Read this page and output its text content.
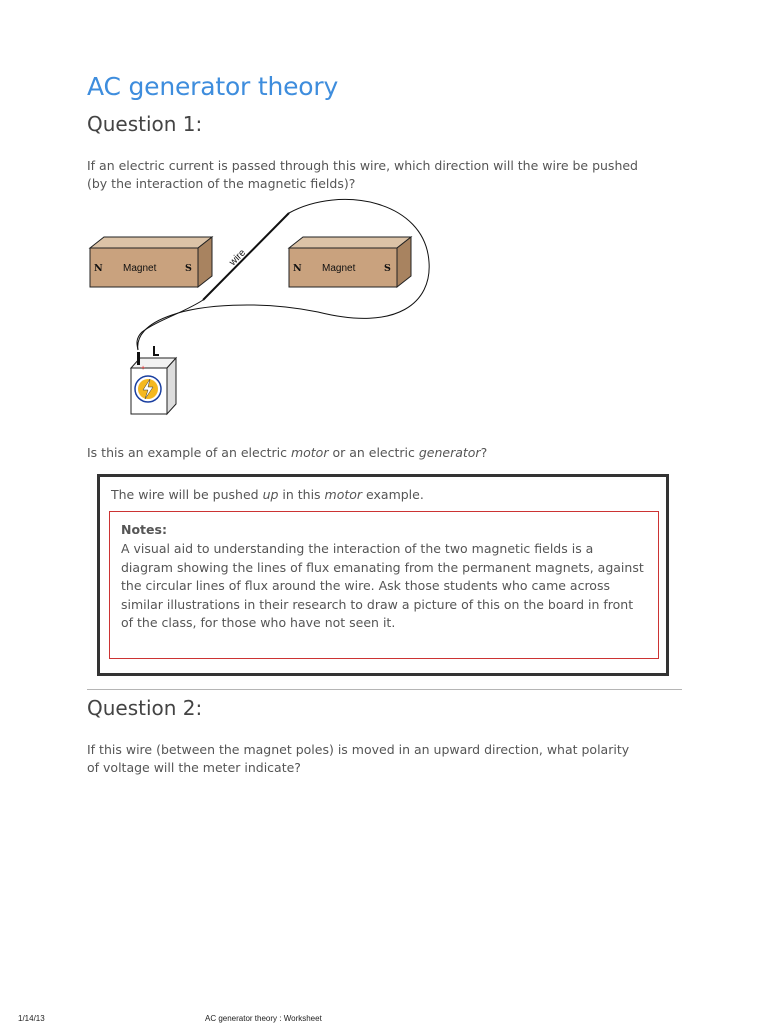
AC generator theory
Question 1:

If an electric current is passed through this wire, which direction will the wire be pushed
(by the interaction of the magnetic fields)?

N Magnet	S	N Magnet	S
wire
+

Is this an example of an electric motor or an electric generator?

The wire will be pushed up in this motor example.

Notes:

A visual aid to understanding the interaction of the two magnetic fields is a diagram showing the lines of flux emanating from the permanent magnets, against the circular lines of flux around the wire. Ask those students who came across similar illustrations in their research to draw a picture of this on the board in front of the class, for those who have not seen it.

Question 2:

If this wire (between the magnet poles) is moved in an upward direction, what polarity
of voltage will the meter indicate?

1/14/13	AC generator theory : Worksheet
